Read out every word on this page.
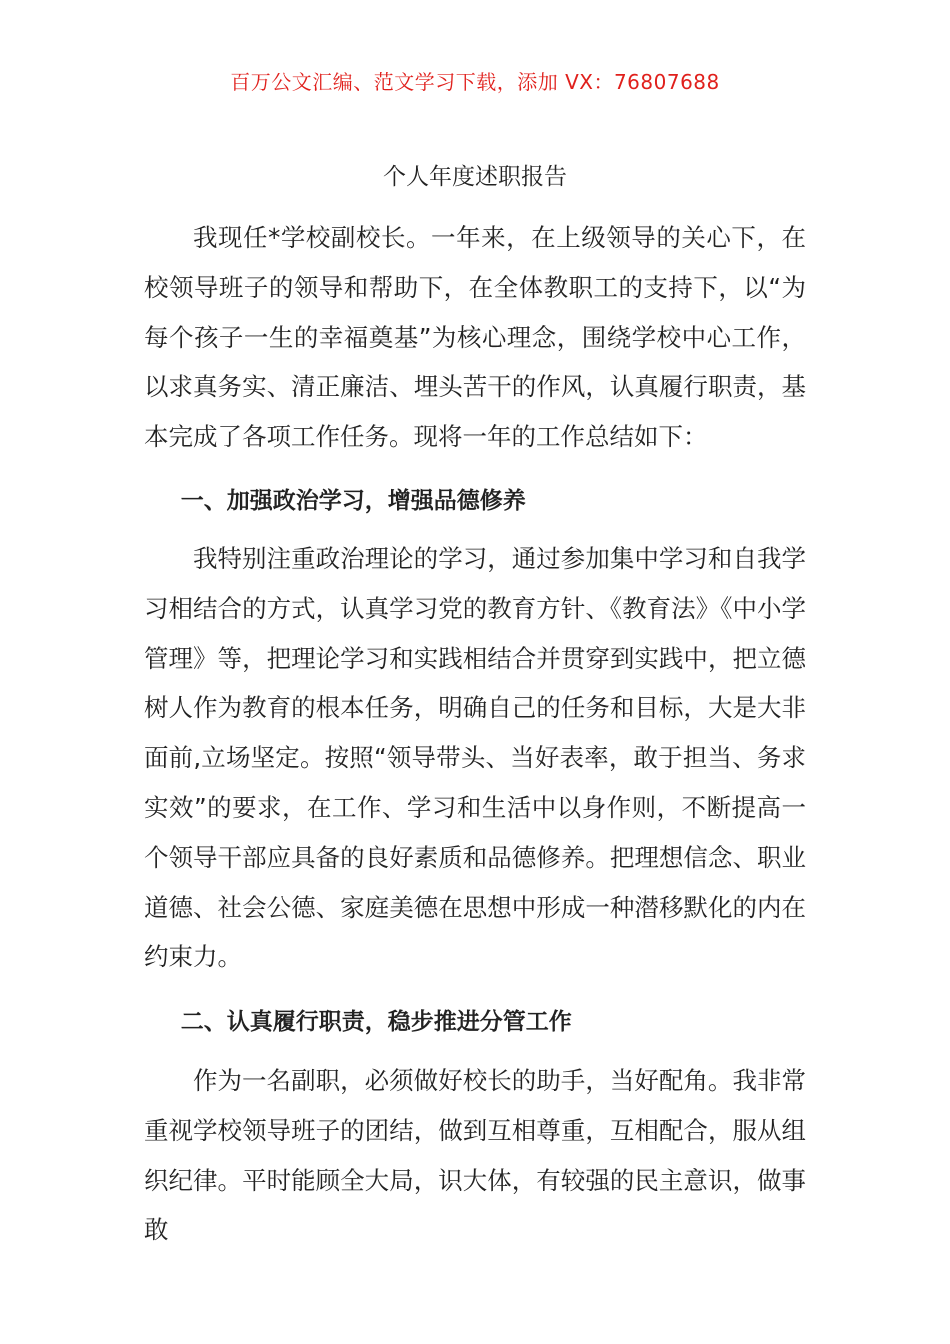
百万公文汇编、范文学习下载，添加 VX：76807688
个人年度述职报告

我现任*学校副校长。一年来，在上级领导的关心下，在校领导班子的领导和帮助下，在全体教职工的支持下，以“为每个孩子一生的幸福奠基”为核心理念，围绕学校中心工作，以求真务实、清正廉洁、埋头苦干的作风，认真履行职责，基本完成了各项工作任务。现将一年的工作总结如下：

一、加强政治学习，增强品德修养

我特别注重政治理论的学习，通过参加集中学习和自我学习相结合的方式，认真学习党的教育方针、《教育法》《中小学管理》等，把理论学习和实践相结合并贯穿到实践中，把立德树人作为教育的根本任务，明确自己的任务和目标，大是大非面前,立场坚定。按照“领导带头、当好表率，敢于担当、务求实效”的要求，在工作、学习和生活中以身作则，不断提高一个领导干部应具备的良好素质和品德修养。把理想信念、职业道德、社会公德、家庭美德在思想中形成一种潜移默化的内在约束力。

二、认真履行职责，稳步推进分管工作

作为一名副职，必须做好校长的助手，当好配角。我非常重视学校领导班子的团结，做到互相尊重，互相配合，服从组织纪律。平时能顾全大局，识大体，有较强的民主意识，做事敢
